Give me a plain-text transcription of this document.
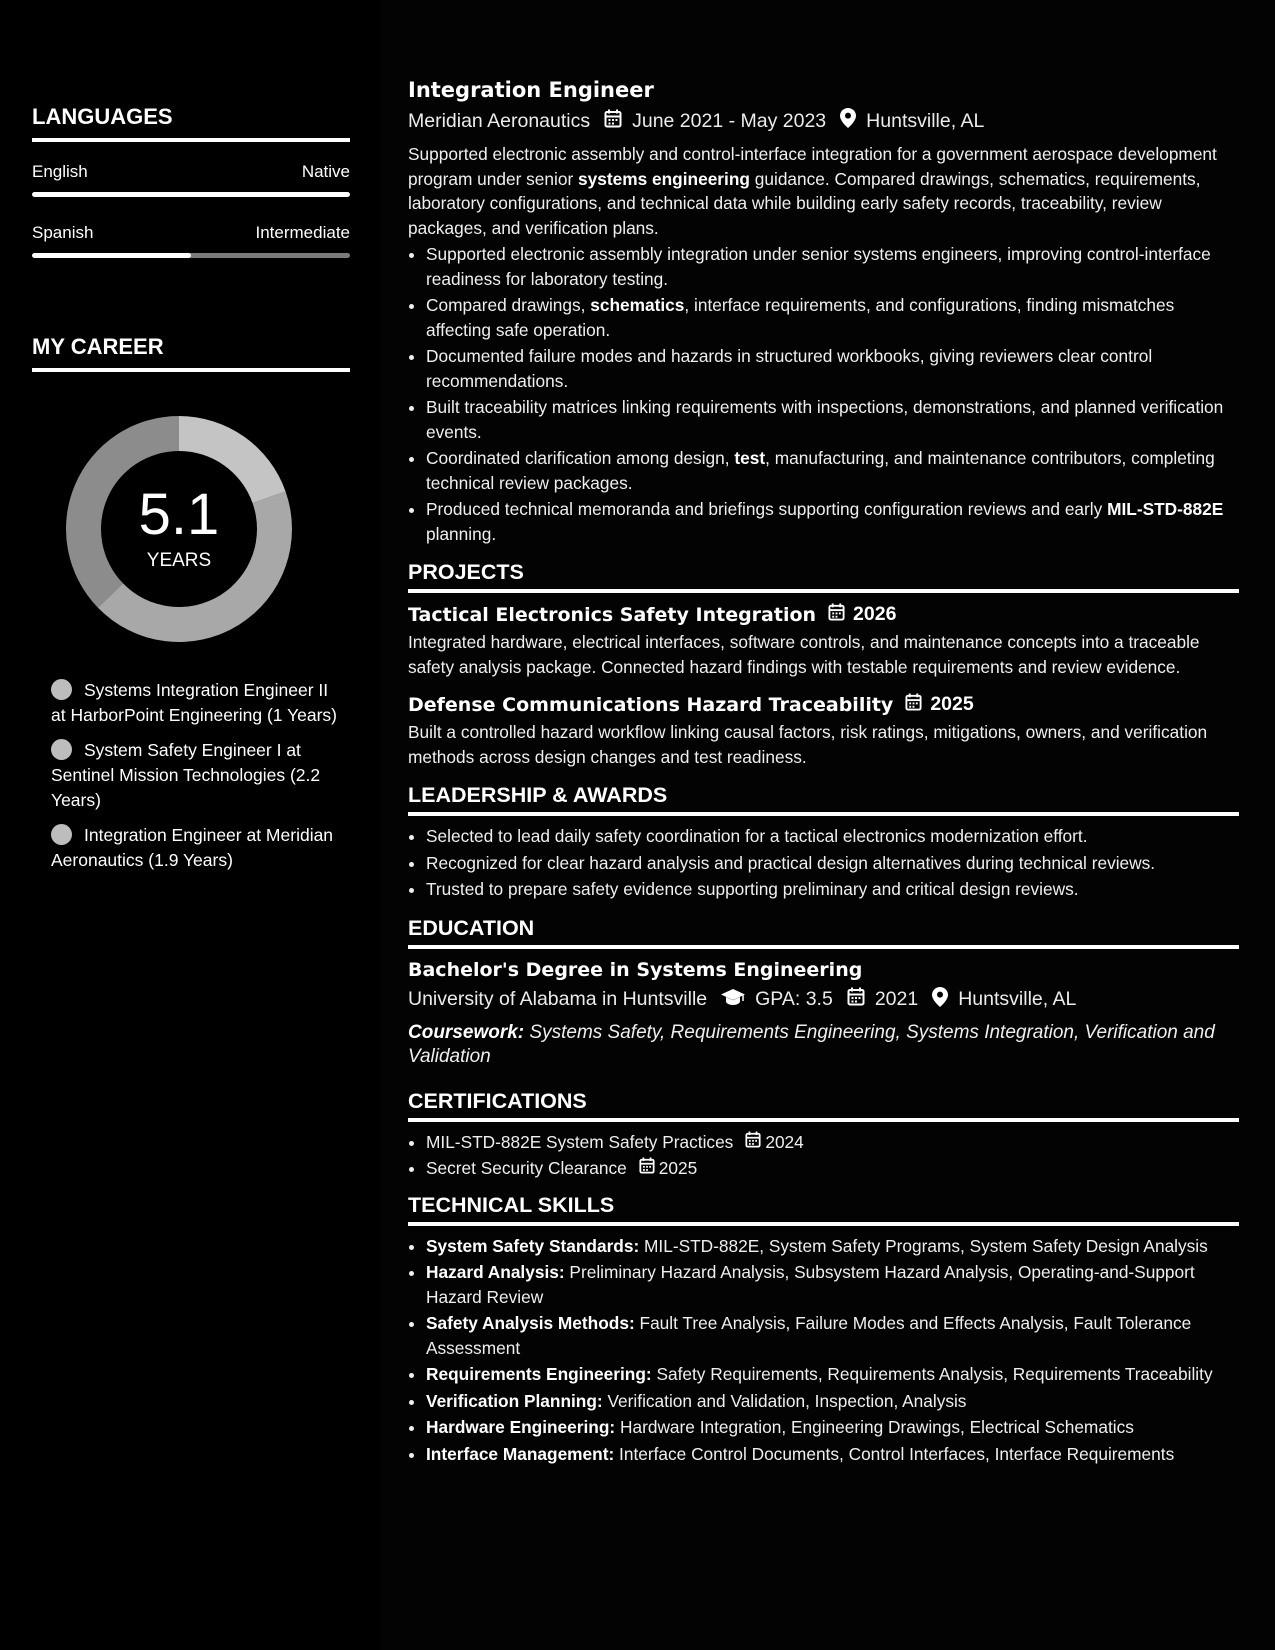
LANGUAGES
English	Native
Spanish	Intermediate
MY CAREER
5.1
YEARS
Systems Integration Engineer II at HarborPoint Engineering (1 Years)
System Safety Engineer I at Sentinel Mission Technologies (2.2 Years)
Integration Engineer at Meridian Aeronautics (1.9 Years)
Integration Engineer
Meridian Aeronautics June 2021 - May 2023 Huntsville, AL
Supported electronic assembly and control-interface integration for a government aerospace development program under senior systems engineering guidance. Compared drawings, schematics, requirements, laboratory configurations, and technical data while building early safety records, traceability, review packages, and verification plans.
• Supported electronic assembly integration under senior systems engineers, improving control-interface readiness for laboratory testing.
• Compared drawings, schematics, interface requirements, and configurations, finding mismatches affecting safe operation.
• Documented failure modes and hazards in structured workbooks, giving reviewers clear control recommendations.
• Built traceability matrices linking requirements with inspections, demonstrations, and planned verification events.
• Coordinated clarification among design, test, manufacturing, and maintenance contributors, completing technical review packages.
• Produced technical memoranda and briefings supporting configuration reviews and early MIL-STD-882E planning.
PROJECTS
Tactical Electronics Safety Integration 2026
Integrated hardware, electrical interfaces, software controls, and maintenance concepts into a traceable safety analysis package. Connected hazard findings with testable requirements and review evidence.
Defense Communications Hazard Traceability 2025
Built a controlled hazard workflow linking causal factors, risk ratings, mitigations, owners, and verification methods across design changes and test readiness.
LEADERSHIP & AWARDS
• Selected to lead daily safety coordination for a tactical electronics modernization effort.
• Recognized for clear hazard analysis and practical design alternatives during technical reviews.
• Trusted to prepare safety evidence supporting preliminary and critical design reviews.
EDUCATION
Bachelor's Degree in Systems Engineering
University of Alabama in Huntsville GPA: 3.5 2021 Huntsville, AL
Coursework: Systems Safety, Requirements Engineering, Systems Integration, Verification and Validation
CERTIFICATIONS
• MIL-STD-882E System Safety Practices 2024
• Secret Security Clearance 2025
TECHNICAL SKILLS
• System Safety Standards: MIL-STD-882E, System Safety Programs, System Safety Design Analysis
• Hazard Analysis: Preliminary Hazard Analysis, Subsystem Hazard Analysis, Operating-and-Support Hazard Review
• Safety Analysis Methods: Fault Tree Analysis, Failure Modes and Effects Analysis, Fault Tolerance Assessment
• Requirements Engineering: Safety Requirements, Requirements Analysis, Requirements Traceability
• Verification Planning: Verification and Validation, Inspection, Analysis
• Hardware Engineering: Hardware Integration, Engineering Drawings, Electrical Schematics
• Interface Management: Interface Control Documents, Control Interfaces, Interface Requirements
